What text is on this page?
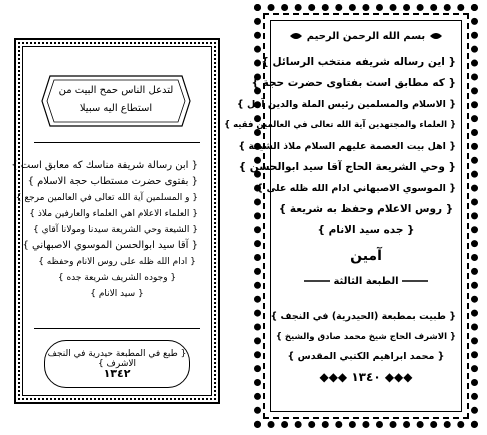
لتدعل الناس حمح البيت من
استطاع اليه سبيلا
{ ابن رسالة شريفة مناسك كه معابق است }
{ بفتوى حضرت مستطاب حجة الاسلام }
{ و المسلمين آية الله تعالى في العالمين مرجع }
{ العلماء الاعلام اهي العلماء والعارفين ملاذ }
{ الشيعة وحي الشريعة سيدنا ومولانا آقاي }
{ آقا سيد ابوالحسن الموسوي الاصبهاني }
{ ادام الله ظله على روس الانام وحفظه }
{ وجوده الشريف شريعة جده }
{ سيد الانام }
{ طبع في المطبعة حيدرية في النجف الاشرف }
١٣٤٢
بسم الله الرحمن الرحيم
{ اين رساله شريفه منتخب الرسائل }
{ كه مطابق است بفتاوى حضرت حجة }
{ الاسلام والمسلمين رئيس الملة والدين آمل }
{ العلماء والمجتهدين آية الله تعالى في العالمين فقيه }
{ اهل بيت العصمة عليهم السلام ملاذ الشيعة }
{ وحي الشريعة الحاج آقا سيد ابوالحسن }
{ الموسوي الاصبهاني ادام الله ظله على }
{ روس الاعلام وحفظ به شريعة }
{ جده سيد الانام }
آمين
الطبعة الثالثة
{ طبيت بمطبعة (الحيدرية) في النجف }
{ الاشرف الحاج شيخ محمد صادق والشيخ }
{ محمد ابراهيم الكتبي المقدس }
◆◆◆ ١٣٤٠ ◆◆◆
